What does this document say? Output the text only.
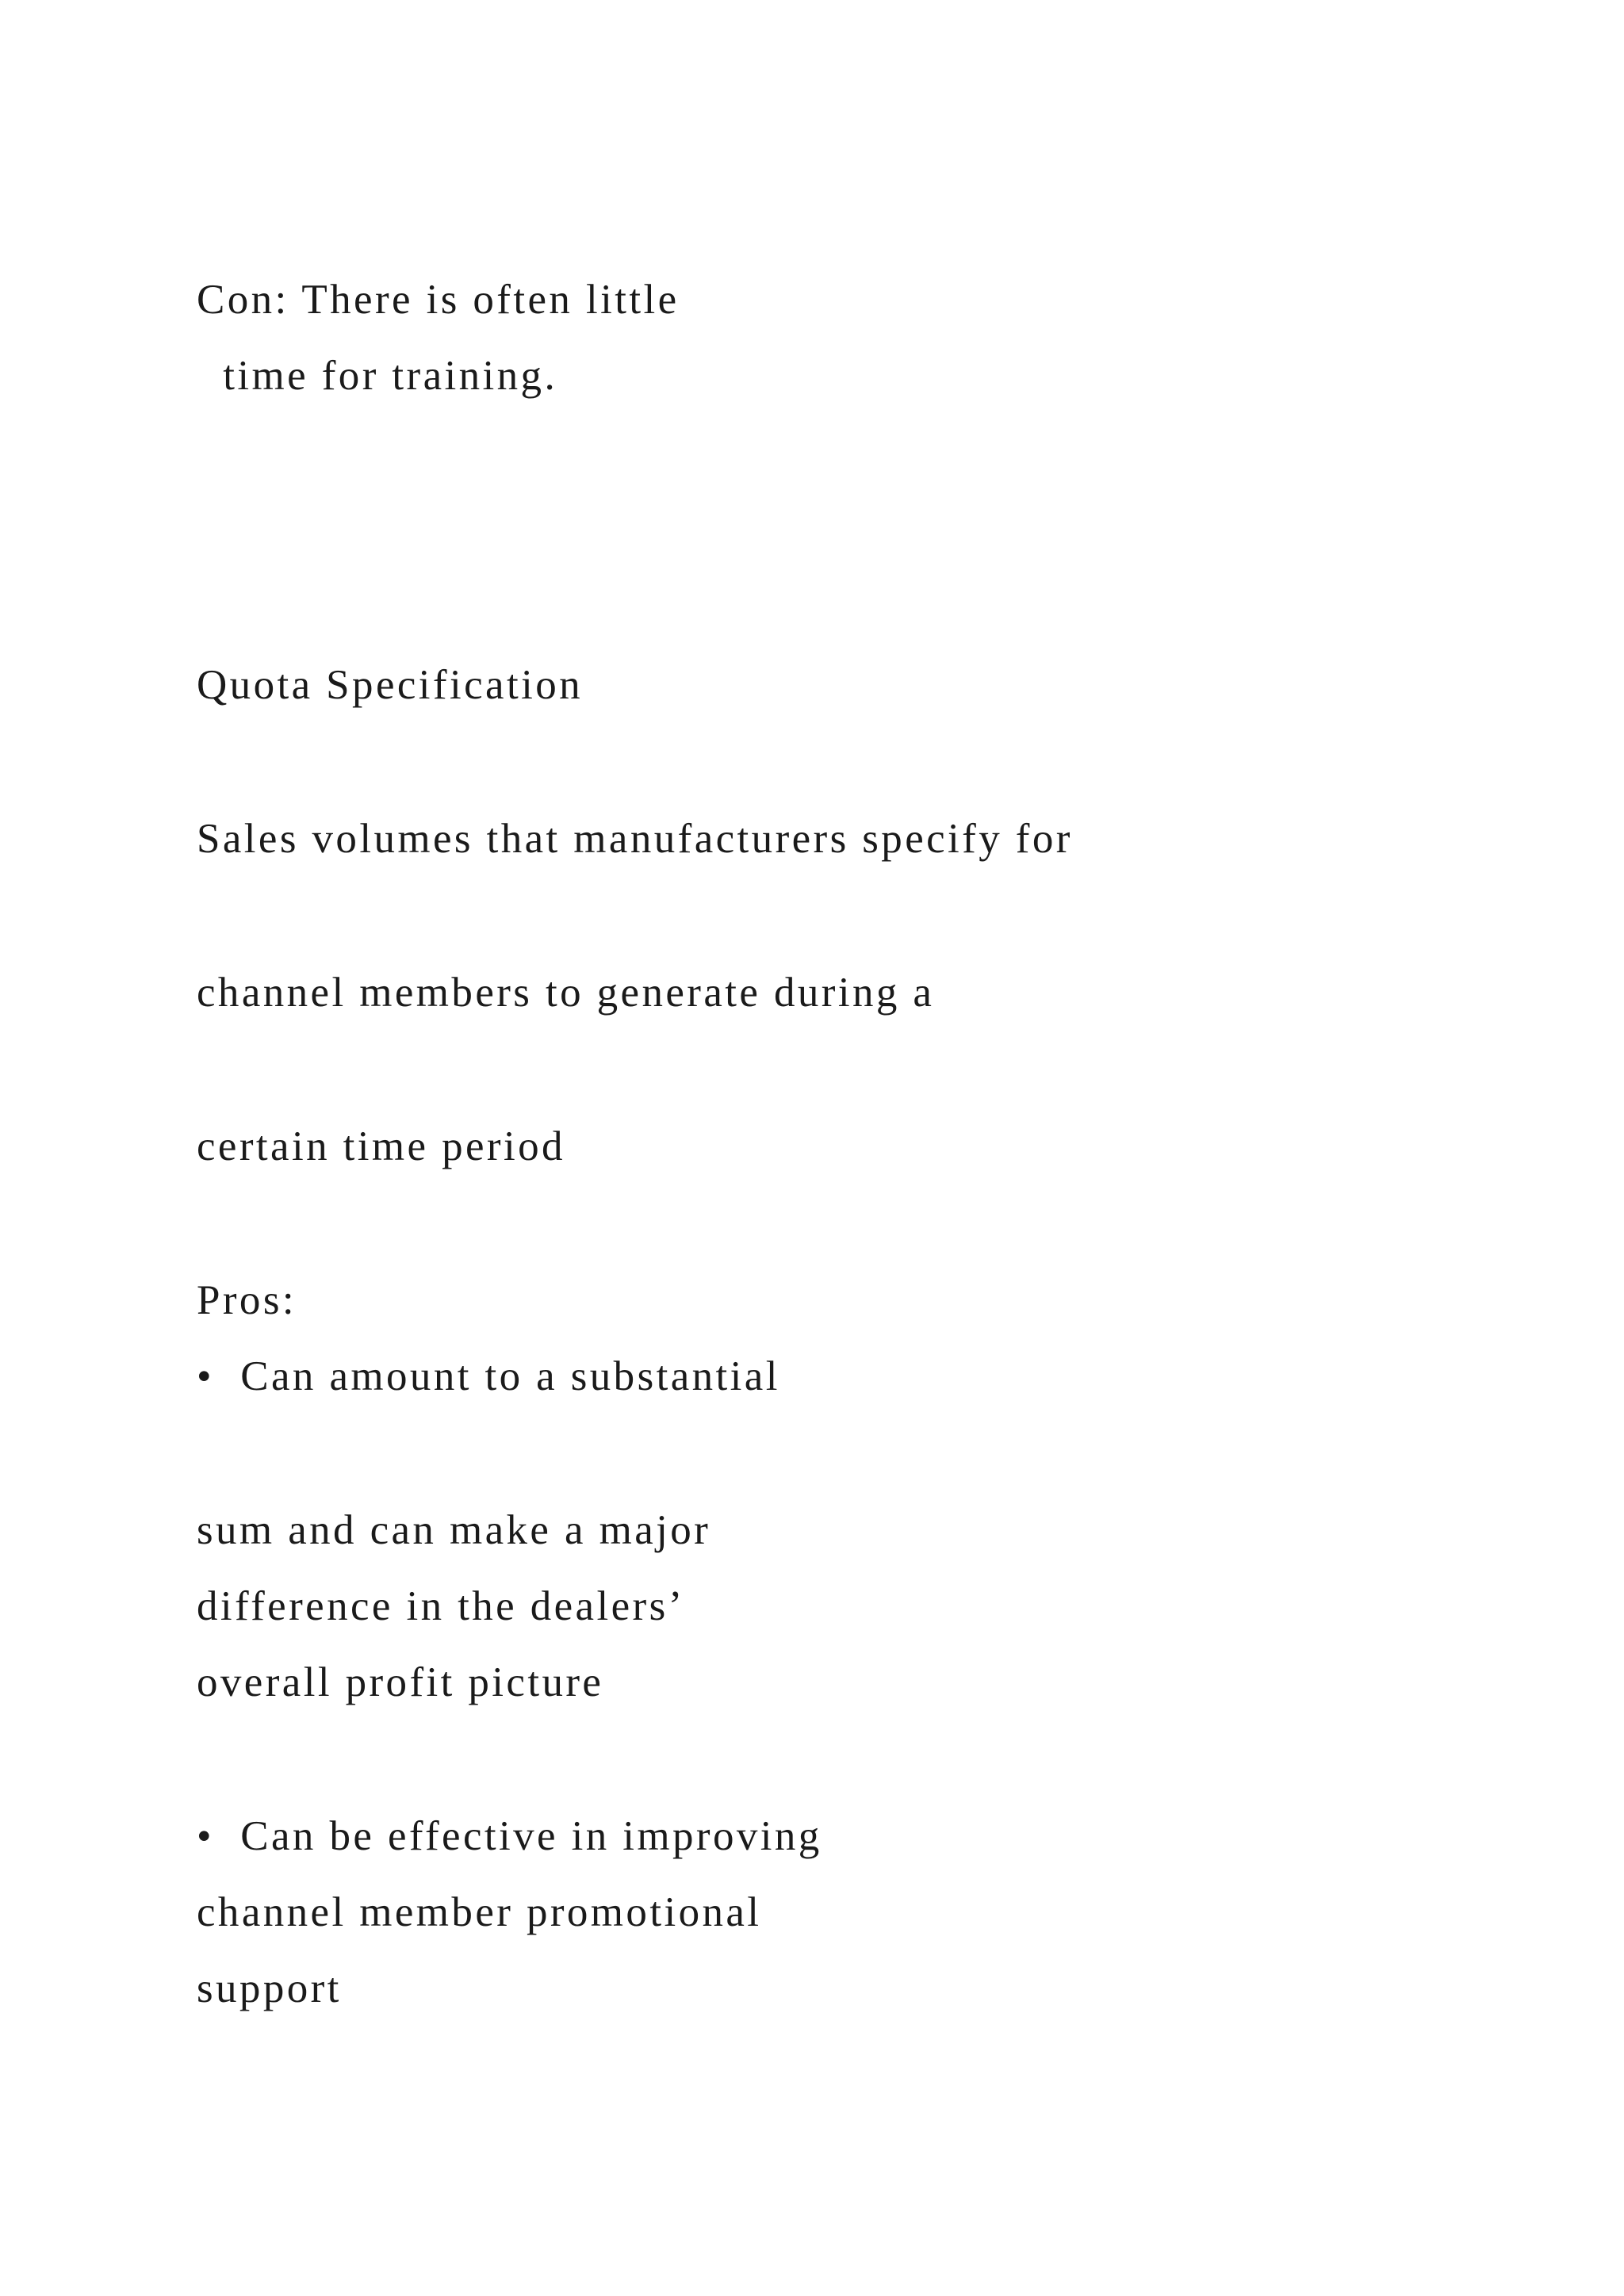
Con: There is often little
time for training.
Quota Specification
Sales volumes that manufacturers specify for
channel members to generate during a
certain time period
Pros:
•  Can amount to a substantial
sum and can make a major
difference in the dealers’
overall profit picture
•  Can be effective in improving
channel member promotional
support
